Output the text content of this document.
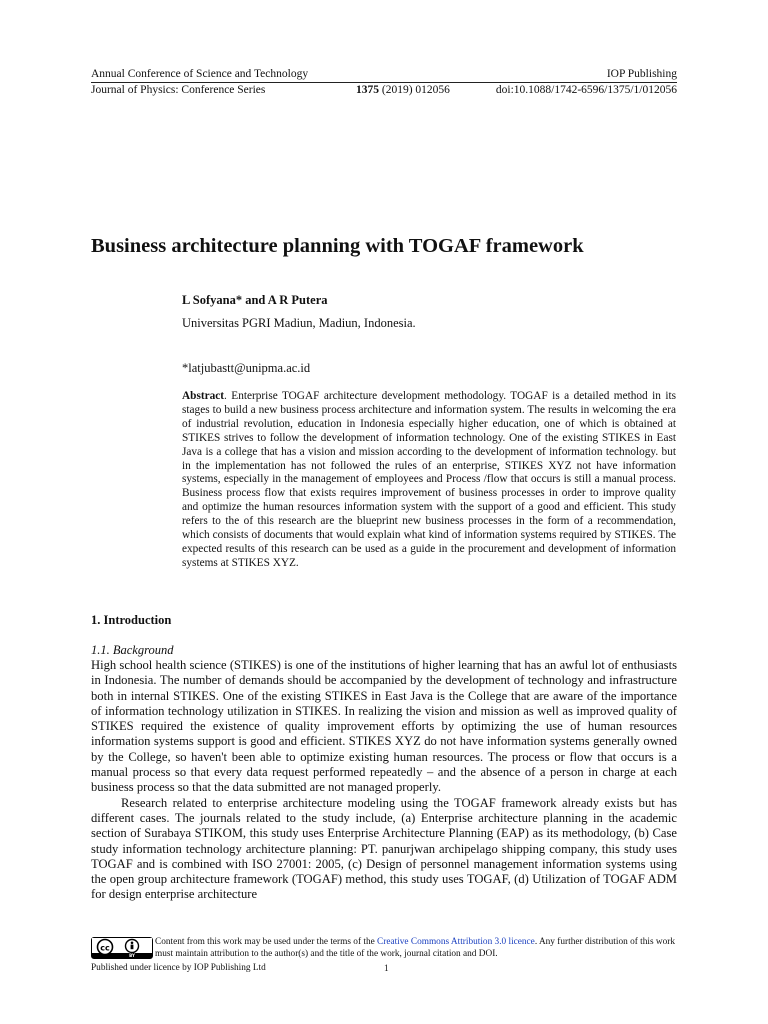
Annual Conference of Science and Technology	IOP Publishing
Journal of Physics: Conference Series	1375 (2019) 012056	doi:10.1088/1742-6596/1375/1/012056
Business architecture planning with TOGAF framework
L Sofyana* and A R Putera
Universitas PGRI Madiun, Madiun, Indonesia.
*latjubastt@unipma.ac.id
Abstract. Enterprise TOGAF architecture development methodology. TOGAF is a detailed method in its stages to build a new business process architecture and information system. The results in welcoming the era of industrial revolution, education in Indonesia especially higher education, one of which is obtained at STIKES strives to follow the development of information technology. One of the existing STIKES in East Java is a college that has a vision and mission according to the development of information technology. but in the implementation has not followed the rules of an enterprise, STIKES XYZ not have information systems, especially in the management of employees and Process /flow that occurs is still a manual process. Business process flow that exists requires improvement of business processes in order to improve quality and optimize the human resources information system with the support of a good and efficient. This study refers to the of this research are the blueprint new business processes in the form of a recommendation, which consists of documents that would explain what kind of information systems required by STIKES. The expected results of this research can be used as a guide in the procurement and development of information systems at STIKES XYZ.
1. Introduction
1.1. Background

High school health science (STIKES) is one of the institutions of higher learning that has an awful lot of enthusiasts in Indonesia. The number of demands should be accompanied by the development of technology and infrastructure both in internal STIKES. One of the existing STIKES in East Java is the College that are aware of the importance of information technology utilization in STIKES. In realizing the vision and mission as well as improved quality of STIKES required the existence of quality improvement efforts by optimizing the use of human resources information systems support is good and efficient. STIKES XYZ do not have information systems generally owned by the College, so haven't been able to optimize existing human resources. The process or flow that occurs is a manual process so that every data request performed repeatedly – and the absence of a person in charge at each business process so that the data submitted are not managed properly.

Research related to enterprise architecture modeling using the TOGAF framework already exists but has different cases. The journals related to the study include, (a) Enterprise architecture planning in the academic section of Surabaya STIKOM, this study uses Enterprise Architecture Planning (EAP) as its methodology, (b) Case study information technology architecture planning: PT. panurjwan archipelago shipping company, this study uses TOGAF and is combined with ISO 27001: 2005, (c) Design of personnel management information systems using the open group architecture framework (TOGAF) method, this study uses TOGAF, (d) Utilization of TOGAF ADM for design enterprise architecture

cc
BY
Content from this work may be used under the terms of the Creative Commons Attribution 3.0 licence. Any further distribution of this work must maintain attribution to the author(s) and the title of the work, journal citation and DOI.
Published under licence by IOP Publishing Ltd	1
